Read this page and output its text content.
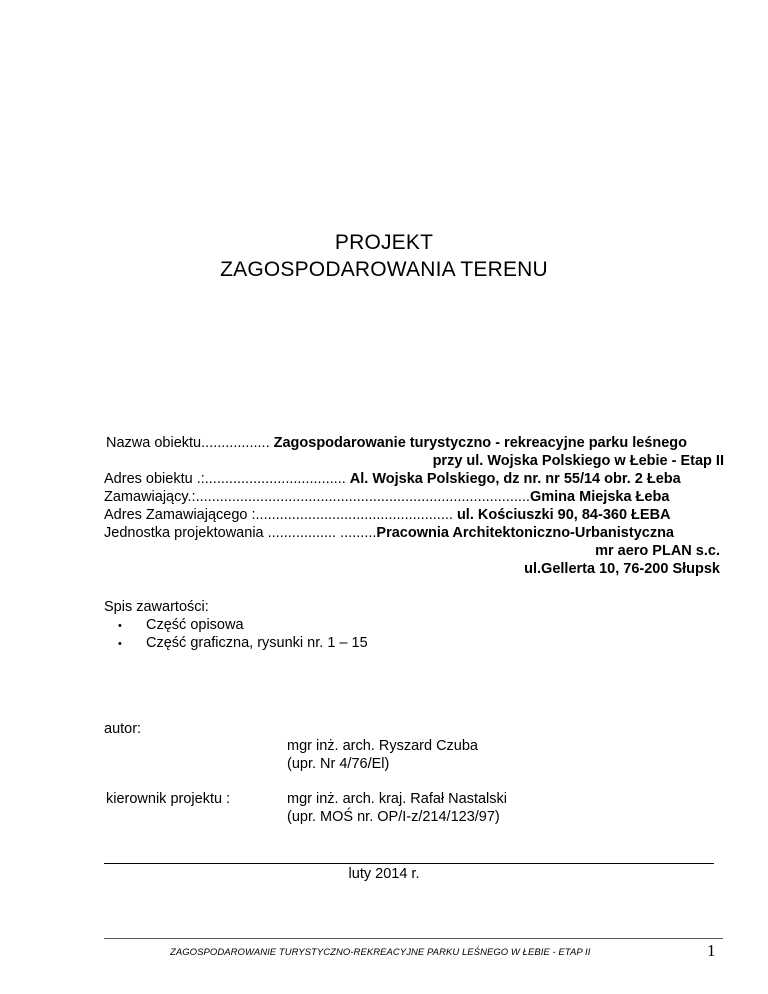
PROJEKT
ZAGOSPODAROWANIA TERENU
Nazwa obiektu................. Zagospodarowanie turystyczno - rekreacyjne parku leśnego
przy ul. Wojska Polskiego w Łebie - Etap II
Adres obiektu .:................................... Al. Wojska Polskiego, dz nr. nr 55/14 obr. 2 Łeba
Zamawiający.:...................................................................................Gmina Miejska Łeba
Adres Zamawiającego :................................................. ul. Kościuszki 90, 84-360 ŁEBA
Jednostka projektowania ................. .........Pracownia Architektoniczno-Urbanistyczna
mr aero PLAN s.c.
ul.Gellerta 10, 76-200 Słupsk
Spis zawartości:
• Część opisowa
• Część graficzna, rysunki nr. 1 – 15
autor:
mgr inż. arch. Ryszard Czuba
(upr. Nr 4/76/El)
kierownik projektu :	mgr inż. arch. kraj. Rafał Nastalski
(upr. MOŚ nr. OP/I-z/214/123/97)
luty 2014 r.
ZAGOSPODAROWANIE TURYSTYCZNO-REKREACYJNE PARKU LEŚNEGO W ŁEBIE - ETAP II	1
